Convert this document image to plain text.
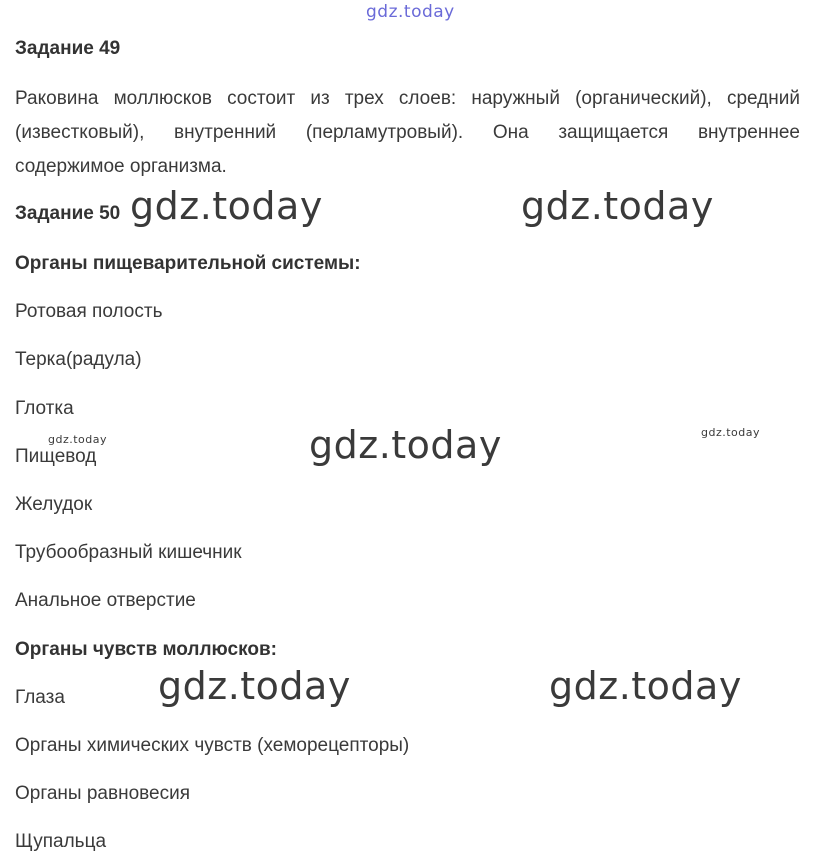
gdz.today
gdz.today	gdz.today
gdz.today
gdz.today	gdz.today
gdz.today
gdz.today
Задание 49
Раковина моллюсков состоит из трех слоев: наружный (органический), средний
(известковый), внутренний (перламутровый). Она защищается внутреннее
содержимое организма.
Задание 50
Органы пищеварительной системы:
Ротовая полость
Терка(радула)
Глотка
Пищевод
Желудок
Трубообразный кишечник
Анальное отверстие
Органы чувств моллюсков:
Глаза
Органы химических чувств (хеморецепторы)
Органы равновесия
Щупальца
